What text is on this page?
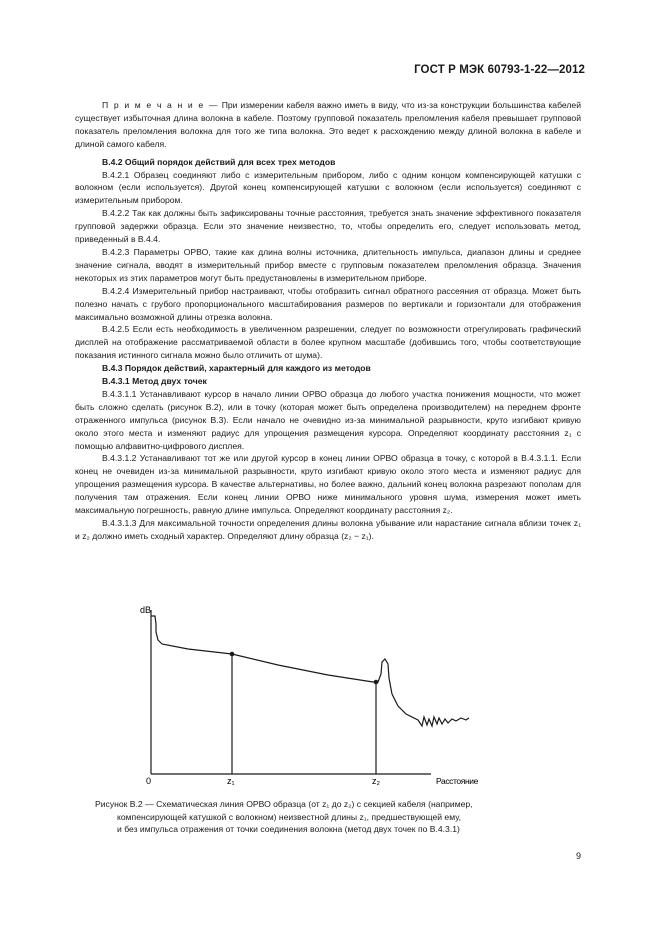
ГОСТ Р МЭК 60793-1-22—2012

П р и м е ч а н и е — При измерении кабеля важно иметь в виду, что из-за конструкции большинства кабелей существует избыточная длина волокна в кабеле. Поэтому групповой показатель преломления кабеля превышает групповой показатель преломления волокна для того же типа волокна. Это ведет к расхождению между длиной волокна в кабеле и длиной самого кабеля.

В.4.2 Общий порядок действий для всех трех методов

В.4.2.1 Образец соединяют либо с измерительным прибором, либо с одним концом компенсирующей катушки с волокном (если используется). Другой конец компенсирующей катушки с волокном (если используется) соединяют с измерительным прибором.

В.4.2.2 Так как должны быть зафиксированы точные расстояния, требуется знать значение эффективного показателя групповой задержки образца. Если это значение неизвестно, то, чтобы определить его, следует использовать метод, приведенный в В.4.4.

В.4.2.3 Параметры ОРВО, такие как длина волны источника, длительность импульса, диапазон длины и среднее значение сигнала, вводят в измерительный прибор вместе с групповым показателем преломления образца. Значения некоторых из этих параметров могут быть предустановлены в измерительном приборе.

В.4.2.4 Измерительный прибор настраивают, чтобы отобразить сигнал обратного рассеяния от образца. Может быть полезно начать с грубого пропорционального масштабирования размеров по вертикали и горизонтали для отображения максимально возможной длины отрезка волокна.

В.4.2.5 Если есть необходимость в увеличенном разрешении, следует по возможности отрегулировать графический дисплей на отображение рассматриваемой области в более крупном масштабе (добившись того, чтобы соответствующие показания истинного сигнала можно было отличить от шума).

В.4.3 Порядок действий, характерный для каждого из методов

В.4.3.1 Метод двух точек

В.4.3.1.1 Устанавливают курсор в начало линии ОРВО образца до любого участка понижения мощности, что может быть сложно сделать (рисунок В.2), или в точку (которая может быть определена производителем) на переднем фронте отраженного импульса (рисунок В.3). Если начало не очевидно из-за минимальной разрывности, круто изгибают кривую около этого места и изменяют радиус для упрощения размещения курсора. Определяют координату расстояния z₁ с помощью алфавитно-цифрового дисплея.

В.4.3.1.2 Устанавливают тот же или другой курсор в конец линии ОРВО образца в точку, с которой в В.4.3.1.1. Если конец не очевиден из-за минимальной разрывности, круто изгибают кривую около этого места и изменяют радиус для упрощения размещения курсора. В качестве альтернативы, но более важно, дальний конец волокна разрезают пополам для получения там отражения. Если конец линии ОРВО ниже минимального уровня шума, измерения может иметь максимальную погрешность, равную длине импульса. Определяют координату расстояния z₂.

В.4.3.1.3 Для максимальной точности определения длины волокна убывание или нарастание сигнала вблизи точек z₁ и z₂ должно иметь сходный характер. Определяют длину образца (z₂ − z₁).

dB
0	z₁	z₂	Расстояние
Рисунок В.2 — Схематическая линия ОРВО образца (от z₁ до z₂) с секцией кабеля (например,
компенсирующей катушкой с волокном) неизвестной длины z₁, предшествующей ему,
и без импульса отражения от точки соединения волокна (метод двух точек по В.4.3.1)
9
